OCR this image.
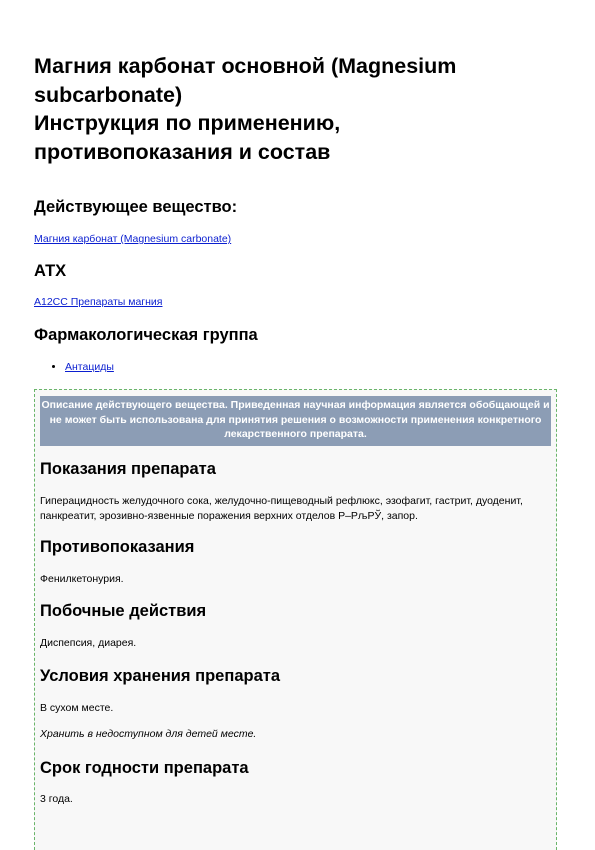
Магния карбонат основной (Magnesium
subcarbonate)
Инструкция по применению,
противопоказания и состав
Действующее вещество:
Магния карбонат (Magnesium carbonate)
АТХ
A12CC Препараты магния
Фармакологическая группа
• Антациды
Описание действующего вещества. Приведенная научная информация является обобщающей и не может быть использована для принятия решения о возможности применения конкретного лекарственного препарата.
Показания препарата

Гиперацидность желудочного сока, желудочно-пищеводный рефлюкс, эзофагит, гастрит, дуоденит, панкреатит, эрозивно-язвенные поражения верхних отделов Р–РљРЎ, запор.

Противопоказания

Фенилкетонурия.

Побочные действия

Диспепсия, диарея.

Условия хранения препарата

В сухом месте.

Хранить в недоступном для детей месте.

Срок годности препарата

3 года.
